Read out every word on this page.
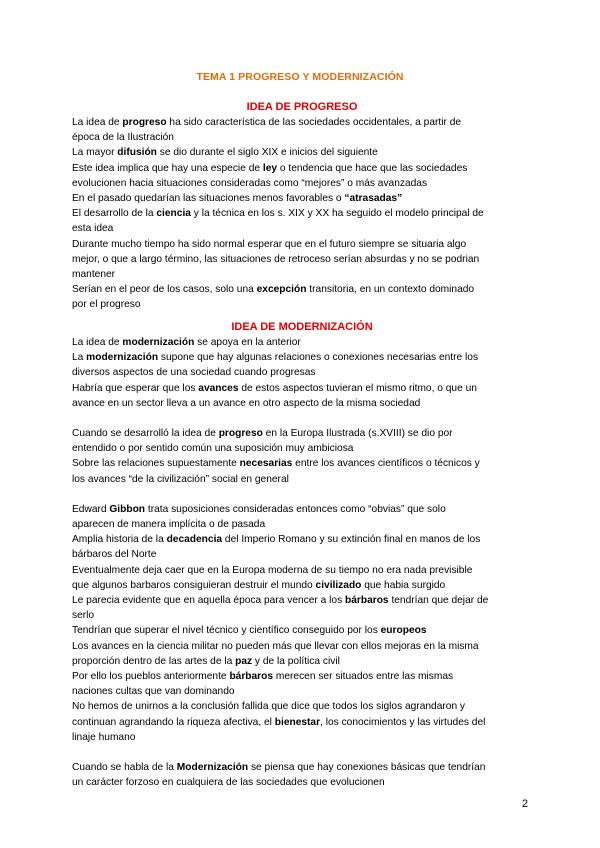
TEMA 1 PROGRESO Y MODERNIZACIÓN
IDEA DE PROGRESO
La idea de progreso ha sido característica de las sociedades occidentales, a partir de
época de la Ilustración
La mayor difusión se dio durante el siglo XIX e inicios del siguiente
Este idea implica que hay una especie de ley o tendencia que hace que las sociedades
evolucionen hacia situaciones consideradas como “mejores” o más avanzadas
En el pasado quedarían las situaciones menos favorables o “atrasadas”
El desarrollo de la ciencia y la técnica en los s. XIX y XX ha seguido el modelo principal de
esta idea
Durante mucho tiempo ha sido normal esperar que en el futuro siempre se situaria algo
mejor, o que a largo término, las situaciones de retroceso serían absurdas y no se podrian
mantener
Serían en el peor de los casos, solo una excepción transitoria, en un contexto dominado
por el progreso
IDEA DE MODERNIZACIÓN
La idea de modernización se apoya en la anterior
La modernización supone que hay algunas relaciones o conexiones necesarias entre los
diversos aspectos de una sociedad cuando progresas
Habría que esperar que los avances de estos aspectos tuvieran el mismo ritmo, o que un
avance en un sector lleva a un avance en otro aspecto de la misma sociedad
Cuando se desarrolló la idea de progreso en la Europa Ilustrada (s.XVIII) se dio por
entendido o por sentido común una suposición muy ambiciosa
Sobre las relaciones supuestamente necesarias entre los avances científicos o técnicos y
los avances “de la civilización” social en general
Edward Gibbon trata suposiciones consideradas entonces como “obvias” que solo
aparecen de manera implícita o de pasada
Amplia historia de la decadencia del Imperio Romano y su extinción final en manos de los
bárbaros del Norte
Eventualmente deja caer que en la Europa moderna de su tiempo no era nada previsible
que algunos barbaros consiguieran destruir el mundo civilizado que habia surgido
Le parecia evidente que en aquella época para vencer a los bárbaros tendrían que dejar de
serlo
Tendrían que superar el nivel técnico y científico conseguido por los europeos
Los avances en la ciencia militar no pueden más que llevar con ellos mejoras en la misma
proporción dentro de las artes de la paz y de la política civil
Por ello los pueblos anteriormente bárbaros merecen ser situados entre las mismas
naciones cultas que van dominando
No hemos de unirnos a la conclusión fallida que dice que todos los siglos agrandaron y
continuan agrandando la riqueza afectiva, el bienestar, los conocimientos y las virtudes del
linaje humano
Cuando se habla de la Modernización se piensa que hay conexiones básicas que tendrían
un carácter forzoso en cualquiera de las sociedades que evolucionen
2
